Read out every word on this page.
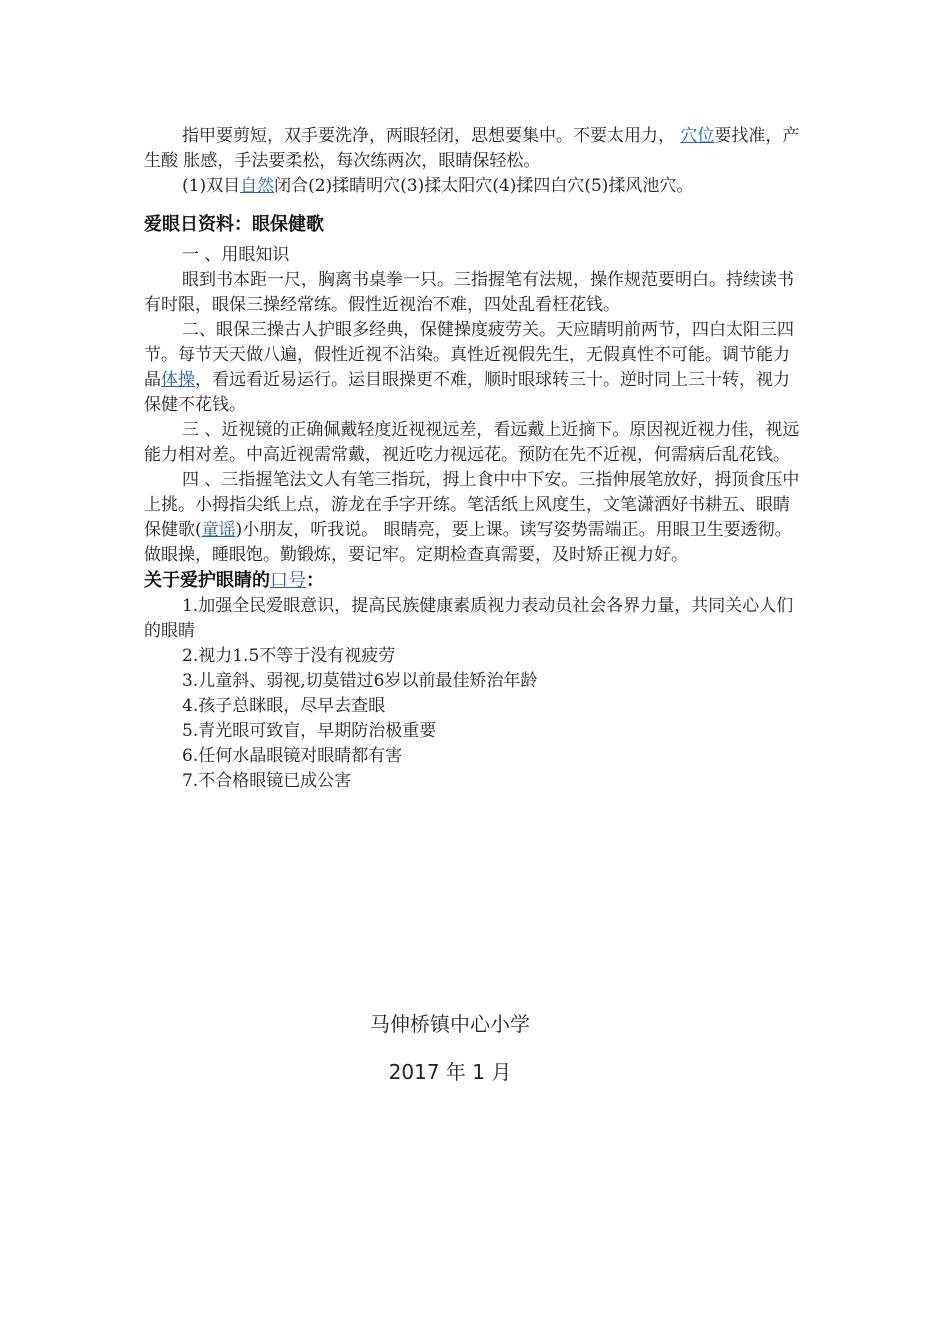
指甲要剪短，双手要洗净，两眼轻闭，思想要集中。不要太用力， 穴位要找准，产生酸 胀感，手法要柔松，每次练两次，眼睛保轻松。

(1)双目自然闭合(2)揉睛明穴(3)揉太阳穴(4)揉四白穴(5)揉风池穴。

爱眼日资料：眼保健歌

一 、用眼知识

眼到书本距一尺，胸离书桌拳一只。三指握笔有法规，操作规范要明白。持续读书有时限，眼保三操经常练。假性近视治不难，四处乱看枉花钱。

二、眼保三操古人护眼多经典，保健操度疲劳关。天应睛明前两节，四白太阳三四节。每节天天做八遍，假性近视不沾染。真性近视假先生，无假真性不可能。调节能力晶体操，看远看近易运行。运目眼操更不难，顺时眼球转三十。逆时同上三十转，视力保健不花钱。

三 、近视镜的正确佩戴轻度近视视远差，看远戴上近摘下。原因视近视力佳，视远能力相对差。中高近视需常戴，视近吃力视远花。预防在先不近视，何需病后乱花钱。

四 、三指握笔法文人有笔三指玩，拇上食中中下安。三指伸展笔放好，拇顶食压中上挑。小拇指尖纸上点，游龙在手字开练。笔活纸上风度生，文笔潇洒好书耕五、眼睛保健歌(童谣)小朋友，听我说。 眼睛亮，要上课。读写姿势需端正。用眼卫生要透彻。做眼操，睡眼饱。勤锻炼，要记牢。定期检查真需要，及时矫正视力好。

关于爱护眼睛的口号：

1.加强全民爱眼意识，提高民族健康素质视力表动员社会各界力量，共同关心人们的眼睛

2.视力1.5不等于没有视疲劳

3.儿童斜、弱视,切莫错过6岁以前最佳矫治年龄

4.孩子总眯眼，尽早去查眼

5.青光眼可致盲，早期防治极重要

6.任何水晶眼镜对眼睛都有害

7.不合格眼镜已成公害

马伸桥镇中心小学
2017 年 1 月
